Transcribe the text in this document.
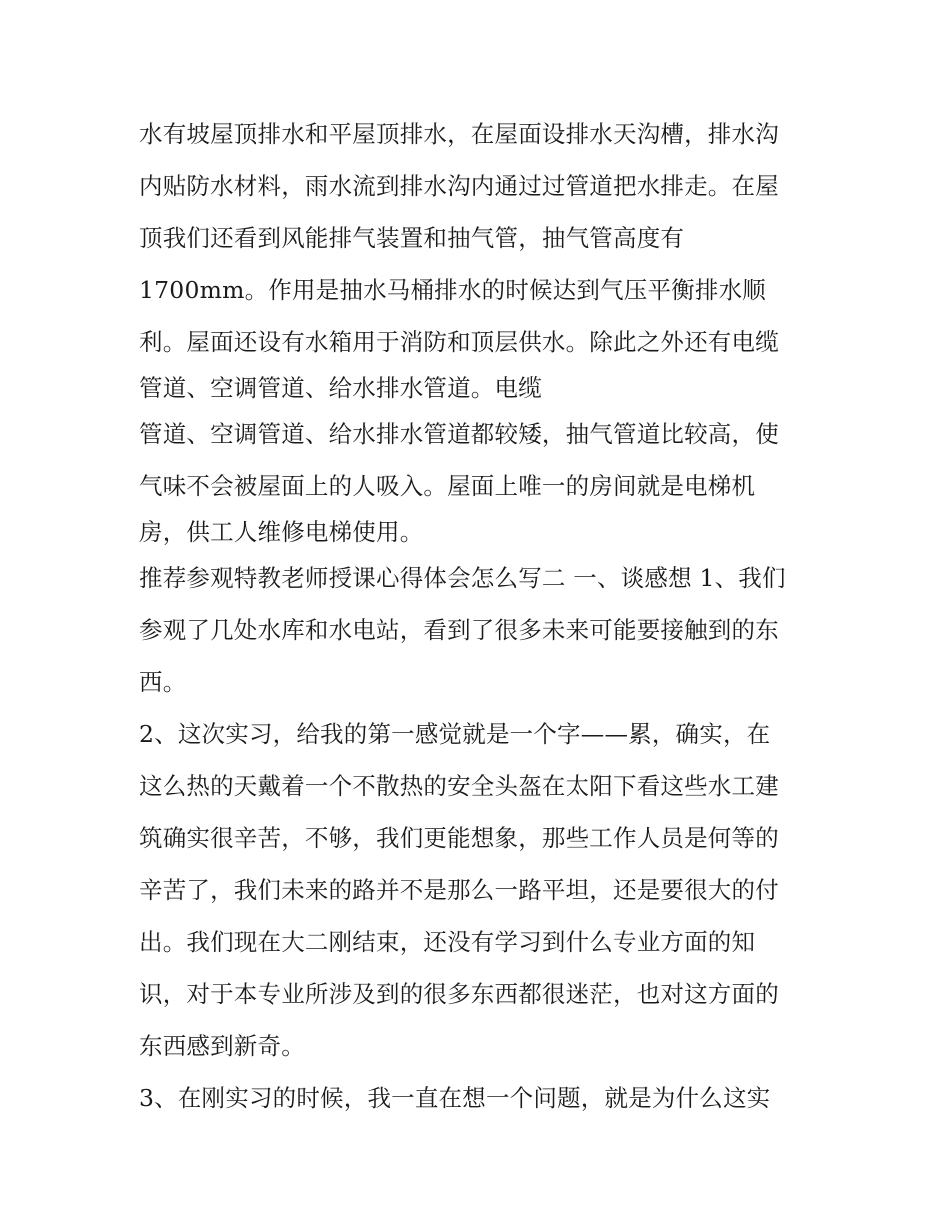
水有坡屋顶排水和平屋顶排水，在屋面设排水天沟槽，排水沟
内贴防水材料，雨水流到排水沟内通过过管道把水排走。在屋
顶我们还看到风能排气装置和抽气管，抽气管高度有
1700mm。作用是抽水马桶排水的时候达到气压平衡排水顺
利。屋面还设有水箱用于消防和顶层供水。除此之外还有电缆
管道、空调管道、给水排水管道。电缆
管道、空调管道、给水排水管道都较矮，抽气管道比较高，使
气味不会被屋面上的人吸入。屋面上唯一的房间就是电梯机
房，供工人维修电梯使用。
推荐参观特教老师授课心得体会怎么写二 一、谈感想 1、我们
参观了几处水库和水电站，看到了很多未来可能要接触到的东
西。
2、这次实习，给我的第一感觉就是一个字——累，确实，在
这么热的天戴着一个不散热的安全头盔在太阳下看这些水工建
筑确实很辛苦，不够，我们更能想象，那些工作人员是何等的
辛苦了，我们未来的路并不是那么一路平坦，还是要很大的付
出。我们现在大二刚结束，还没有学习到什么专业方面的知
识，对于本专业所涉及到的很多东西都很迷茫，也对这方面的
东西感到新奇。
3、在刚实习的时候，我一直在想一个问题，就是为什么这实
